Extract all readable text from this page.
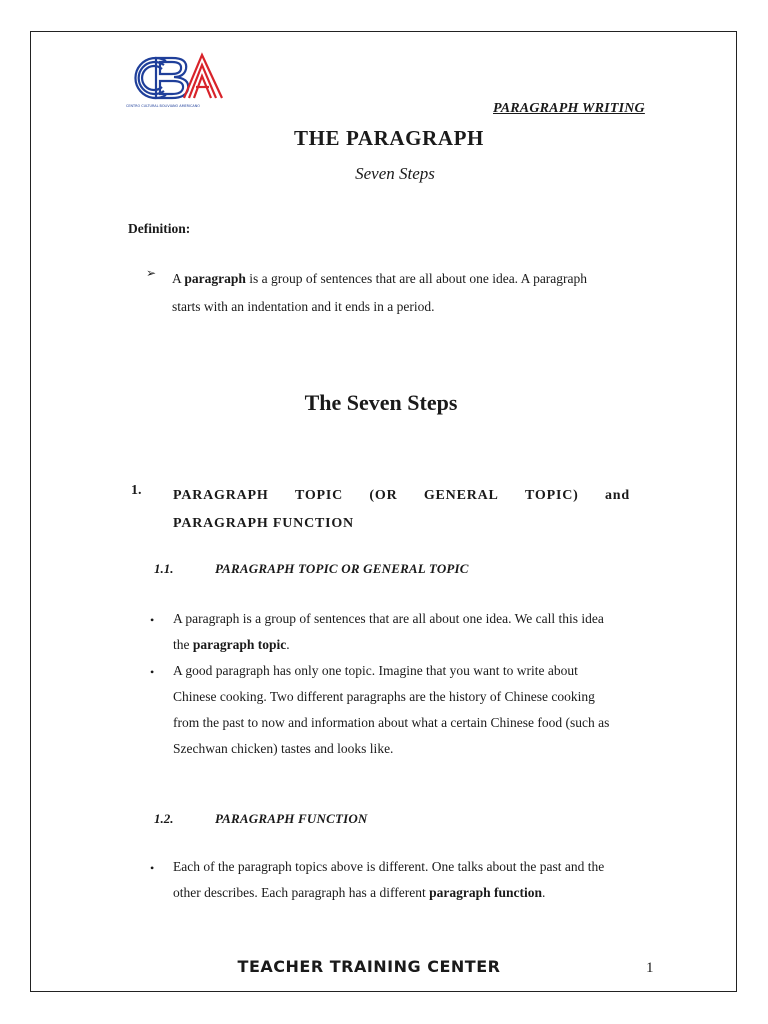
CENTRO CULTURAL BOLIVIANO AMERICANO	PARAGRAPH WRITING
THE PARAGRAPH
Seven Steps
Definition:
➢ A paragraph is a group of sentences that are all about one idea. A paragraph
starts with an indentation and it ends in a period.
The Seven Steps
1. PARAGRAPH TOPIC (OR GENERAL TOPIC) and
PARAGRAPH FUNCTION
1.1.	PARAGRAPH TOPIC OR GENERAL TOPIC
•	A paragraph is a group of sentences that are all about one idea. We call this idea
the paragraph topic.
•	A good paragraph has only one topic. Imagine that you want to write about
Chinese cooking. Two different paragraphs are the history of Chinese cooking
from the past to now and information about what a certain Chinese food (such as
Szechwan chicken) tastes and looks like.
1.2.	PARAGRAPH FUNCTION
•	Each of the paragraph topics above is different. One talks about the past and the
other describes. Each paragraph has a different paragraph function.
TEACHER TRAINING CENTER	1
